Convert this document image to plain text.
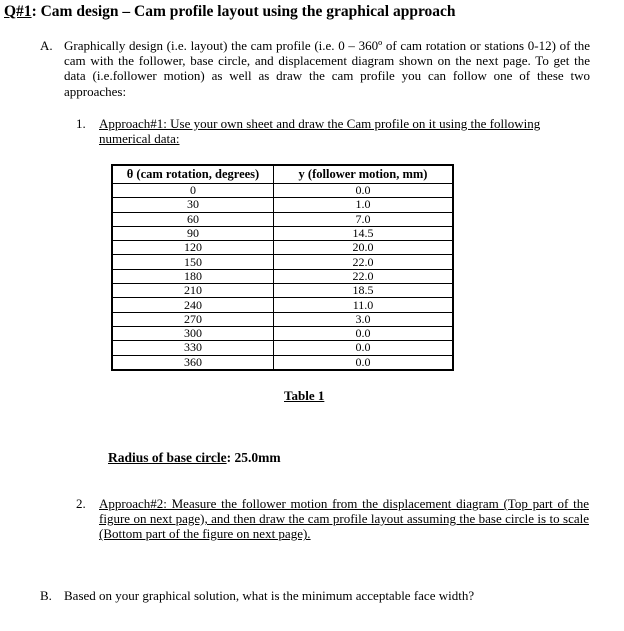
Q#1: Cam design – Cam profile layout using the graphical approach
A. Graphically design (i.e. layout) the cam profile (i.e. 0 – 360º of cam rotation or stations 0-12) of the cam with the follower, base circle, and displacement diagram shown on the next page. To get the data (i.e.follower motion) as well as draw the cam profile you can follow one of these two approaches:
1. Approach#1: Use your own sheet and draw the Cam profile on it using the following numerical data:
θ (cam rotation, degrees)	y (follower motion, mm)
0	0.0
30	1.0
60	7.0
90	14.5
120	20.0
150	22.0
180	22.0
210	18.5
240	11.0
270	3.0
300	0.0
330	0.0
360	0.0
Table 1
Radius of base circle: 25.0mm
2. Approach#2: Measure the follower motion from the displacement diagram (Top part of the figure on next page), and then draw the cam profile layout assuming the base circle is to scale (Bottom part of the figure on next page).
B. Based on your graphical solution, what is the minimum acceptable face width?
